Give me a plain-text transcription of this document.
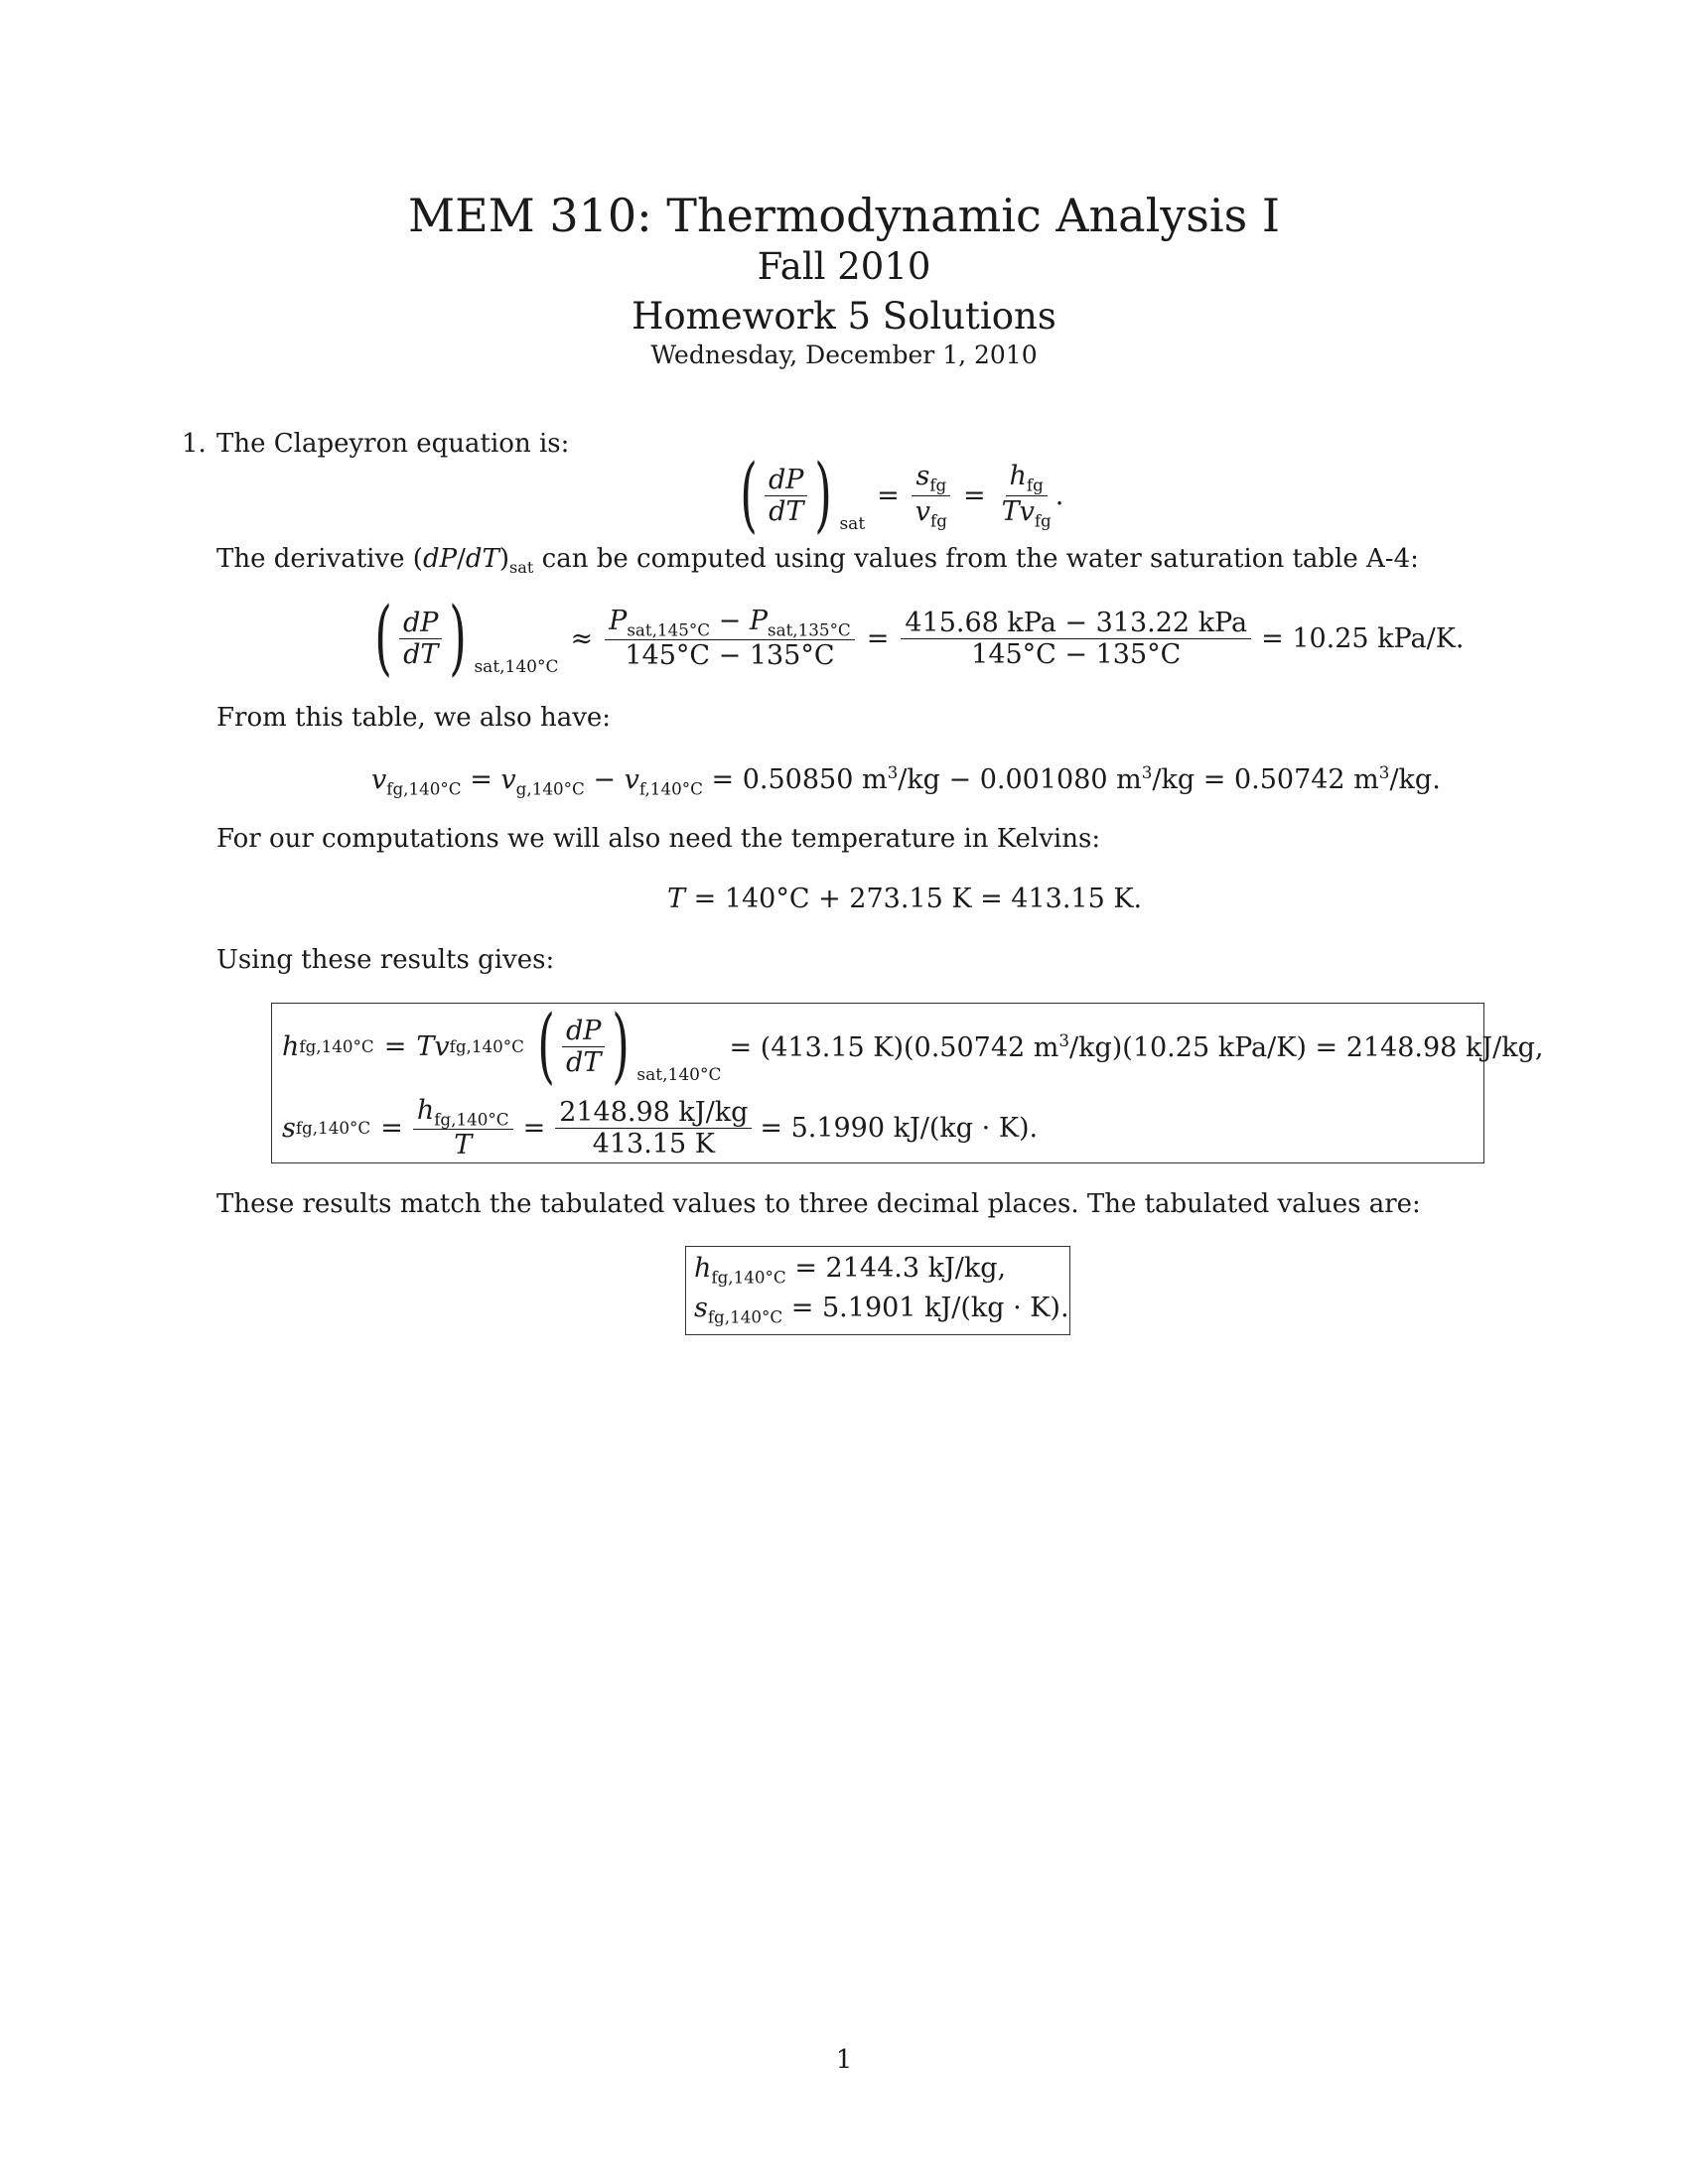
MEM 310: Thermodynamic Analysis I
Fall 2010
Homework 5 Solutions
Wednesday, December 1, 2010
1. The Clapeyron equation is:
( $\frac{dP}{dT}$ ) sat
= $\frac{s_{fg}}{v_{fg}} = \frac{h_{fg}}{Tv_{fg}}$ .
The derivative $(dP/dT)_{sat}$ can be computed using values from the water saturation table A-4:
( $\frac{dP}{dT}$ ) sat,140°C
≈ $\frac{P_{sat,145^\circ C} - P_{sat,135^\circ C}}{145^\circ C - 135^\circ C} = \frac{\text{415.68 kPa − 313.22 kPa}}{145^\circ C - 135^\circ C} = 10.25$ kPa/K.
From this table, we also have:
$v_{fg,140^\circ C} = v_{g,140^\circ C} - v_{f,140^\circ C} = 0.50850$ $m^3/kg - 0.001080$ $m^3/kg = 0.50742$ $m^3/kg$.
For our computations we will also need the temperature in Kelvins:
T = 140°C + 273.15 K = 413.15 K.
Using these results gives:
h fg,140°C = Tv fg,140°C ( $\frac{dP}{dT}$ ) sat,140°C
= (413.15 K)(0.50742 $m^3/kg)(10.25$ kPa/K) = 2148.98 kJ/kg,
s $fg,140^\circ C = \frac{h_{fg,140^\circ C}}{T} = \frac{2148.98 kJ/kg}{413.15 K} = 5.1990$ kJ/(kg · K).
These results match the tabulated values to three decimal places. The tabulated values are:
$h_{fg,140^\circ C} = 2144.3$ kJ/kg,
$s_{fg,140^\circ C} = 5.1901$ kJ/(kg · K).
1
